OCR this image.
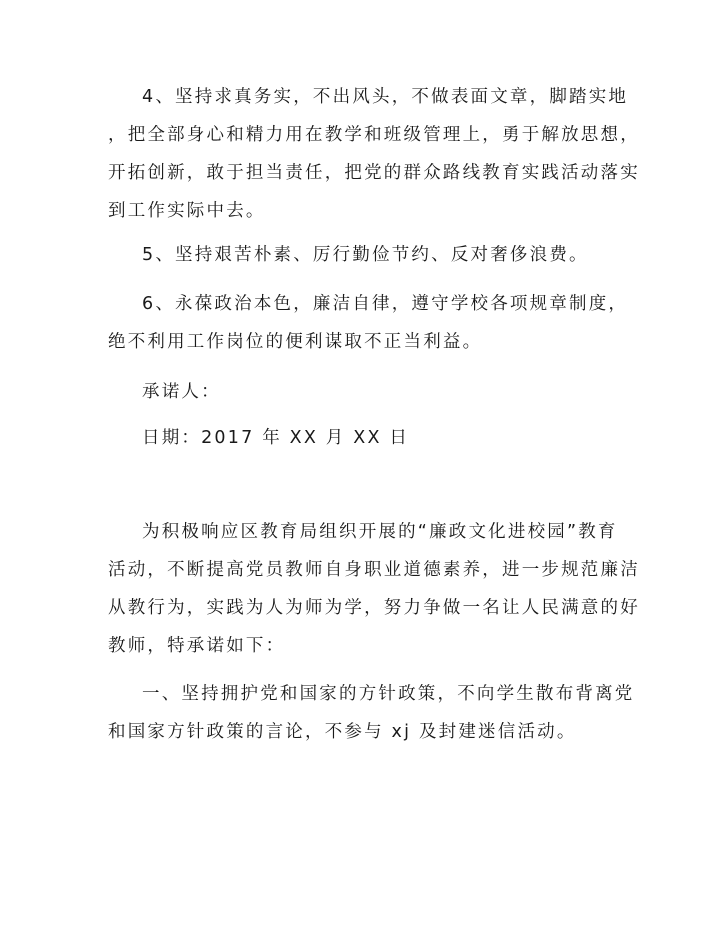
4、坚持求真务实，不出风头，不做表面文章，脚踏实地
，把全部身心和精力用在教学和班级管理上，勇于解放思想，
开拓创新，敢于担当责任，把党的群众路线教育实践活动落实
到工作实际中去。

5、坚持艰苦朴素、厉行勤俭节约、反对奢侈浪费。

6、永葆政治本色，廉洁自律，遵守学校各项规章制度，
绝不利用工作岗位的便利谋取不正当利益。

承诺人：

日期：2017 年 XX 月 XX 日

为积极响应区教育局组织开展的“廉政文化进校园”教育
活动，不断提高党员教师自身职业道德素养，进一步规范廉洁
从教行为，实践为人为师为学，努力争做一名让人民满意的好
教师，特承诺如下：

一、坚持拥护党和国家的方针政策，不向学生散布背离党
和国家方针政策的言论，不参与 xj 及封建迷信活动。
